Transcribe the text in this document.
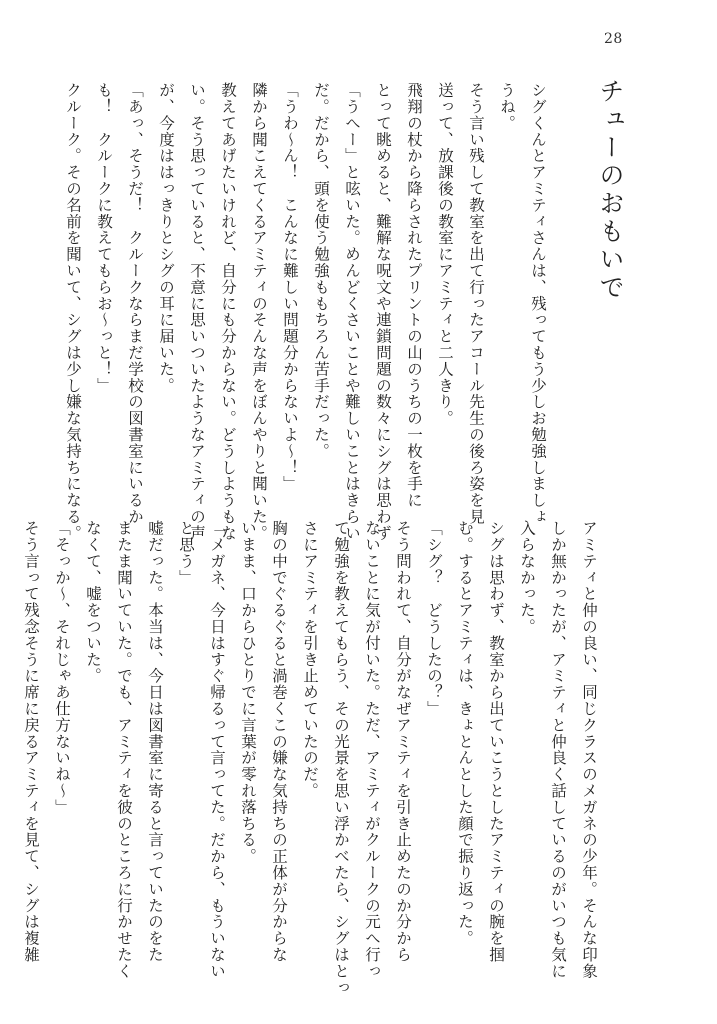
28
チューのおもいで

シグくんとアミティさんは、残ってもう少しお勉強しましょ

うね。

そう言い残して教室を出て行ったアコール先生の後ろ姿を見

送って、放課後の教室にアミティと二人きり。

飛翔の杖から降らされたプリントの山のうちの一枚を手に

とって眺めると、難解な呪文や連鎖問題の数々にシグは思わず

「うへー」と呟いた。めんどくさいことや難しいことはきらい

だ。だから、頭を使う勉強ももちろん苦手だった。

「うわ～ん！　こんなに難しい問題分からないよ～！」

隣から聞こえてくるアミティのそんな声をぼんやりと聞いた。

教えてあげたいけれど、自分にも分からない。どうしようもな

い。そう思っていると、不意に思いついたようなアミティの声

が、今度ははっきりとシグの耳に届いた。

「あっ、そうだ！　クルークならまだ学校の図書室にいるか

も！　クルークに教えてもらお～っと！」

クルーク。その名前を聞いて、シグは少し嫌な気持ちになる。

アミティと仲の良い、同じクラスのメガネの少年。そんな印象

しか無かったが、アミティと仲良く話しているのがいつも気に

入らなかった。

シグは思わず、教室から出ていこうとしたアミティの腕を掴

む。するとアミティは、きょとんとした顔で振り返った。

「シグ？　どうしたの？」

そう問われて、自分がなぜアミティを引き止めたのか分から

ないことに気が付いた。ただ、アミティがクルークの元へ行っ

て勉強を教えてもらう、その光景を思い浮かべたら、シグはとっ

さにアミティを引き止めていたのだ。

胸の中でぐるぐると渦巻くこの嫌な気持ちの正体が分からな

いまま、口からひとりでに言葉が零れ落ちる。

「メガネ、今日はすぐ帰るって言ってた。だから、もういない

と思う」

嘘だった。本当は、今日は図書室に寄ると言っていたのをた

またま聞いていた。でも、アミティを彼のところに行かせたく

なくて、嘘をついた。

「そっか～、それじゃあ仕方ないね～」

そう言って残念そうに席に戻るアミティを見て、シグは複雑
